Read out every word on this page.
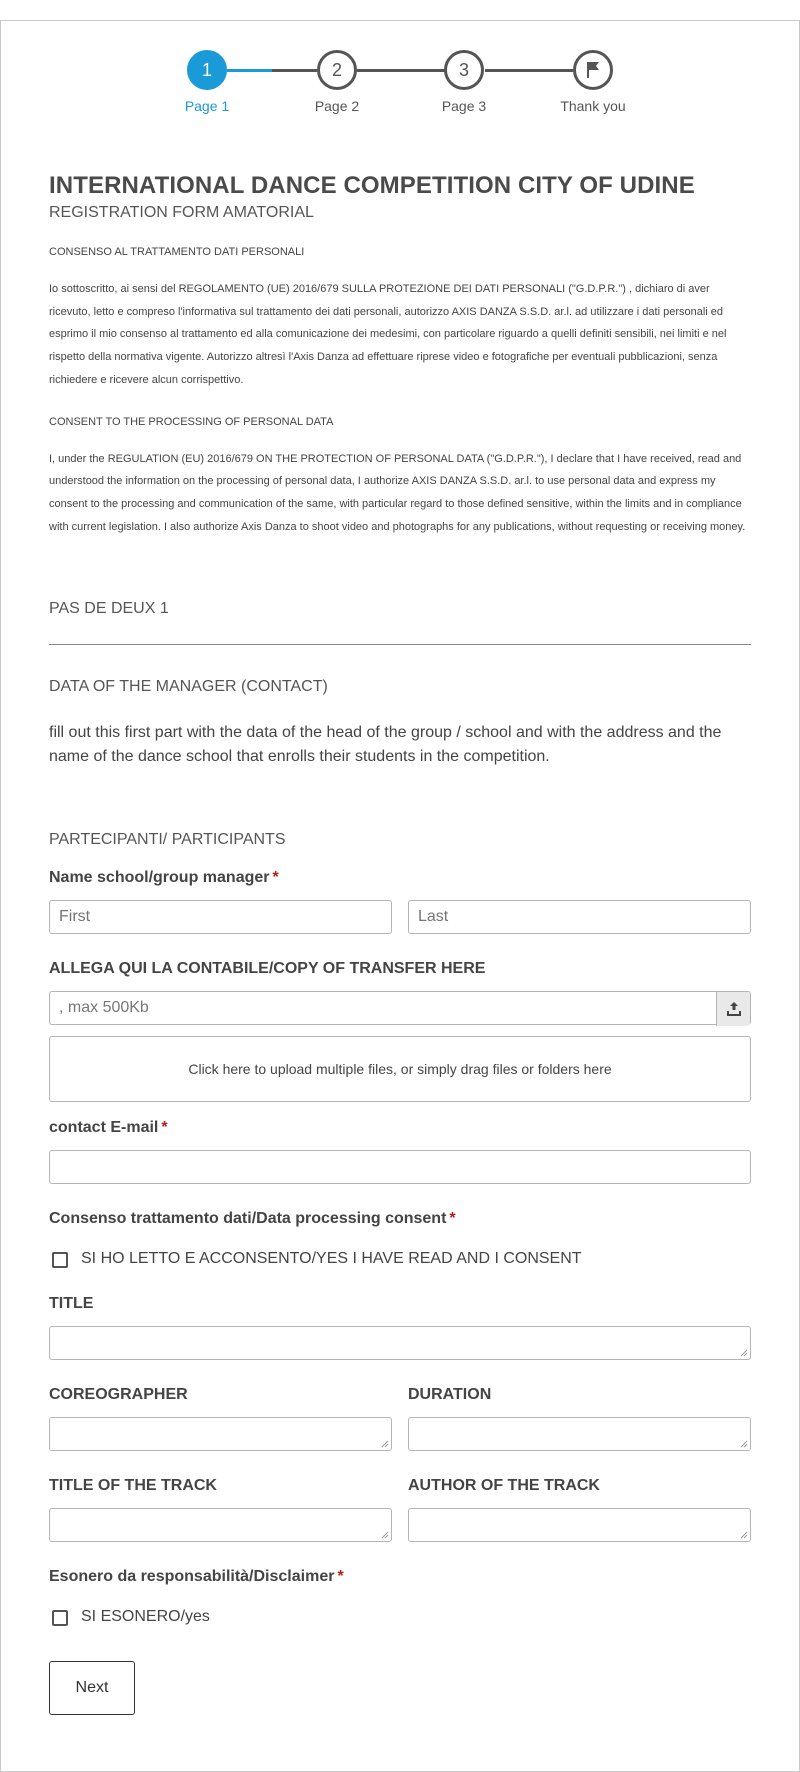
1
Page 1
2
Page 2
3
Page 3	Thank you
INTERNATIONAL DANCE COMPETITION CITY OF UDINE
REGISTRATION FORM AMATORIAL
CONSENSO AL TRATTAMENTO DATI PERSONALI

Io sottoscritto, ai sensi del REGOLAMENTO (UE) 2016/679 SULLA PROTEZIONE DEI DATI PERSONALI ("G.D.P.R.") , dichiaro di aver ricevuto, letto e compreso l'informativa sul trattamento dei dati personali, autorizzo AXIS DANZA S.S.D. ar.l. ad utilizzare i dati personali ed esprimo il mio consenso al trattamento ed alla comunicazione dei medesimi, con particolare riguardo a quelli definiti sensibili, nei limiti e nel rispetto della normativa vigente. Autorizzo altresì l'Axis Danza ad effettuare riprese video e fotografiche per eventuali pubblicazioni, senza richiedere e ricevere alcun corrispettivo.

CONSENT TO THE PROCESSING OF PERSONAL DATA

I, under the REGULATION (EU) 2016/679 ON THE PROTECTION OF PERSONAL DATA ("G.D.P.R."), I declare that I have received, read and understood the information on the processing of personal data, I authorize AXIS DANZA S.S.D. ar.l. to use personal data and express my consent to the processing and communication of the same, with particular regard to those defined sensitive, within the limits and in compliance with current legislation. I also authorize Axis Danza to shoot video and photographs for any publications, without requesting or receiving money.

PAS DE DEUX 1
DATA OF THE MANAGER (CONTACT)
fill out this first part with the data of the head of the group / school and with the address and the name of the dance school that enrolls their students in the competition.
PARTECIPANTI/ PARTICIPANTS
Name school/group manager *
First
Last
ALLEGA QUI LA CONTABILE/COPY OF TRANSFER HERE
, max 500Kb
Click here to upload multiple files, or simply drag files or folders here
contact E-mail *
Consenso trattamento dati/Data processing consent *
SI HO LETTO E ACCONSENTO/YES I HAVE READ AND I CONSENT
TITLE
COREOGRAPHER	DURATION
TITLE OF THE TRACK	AUTHOR OF THE TRACK
Esonero da responsabilità/Disclaimer *
SI ESONERO/yes
Next
